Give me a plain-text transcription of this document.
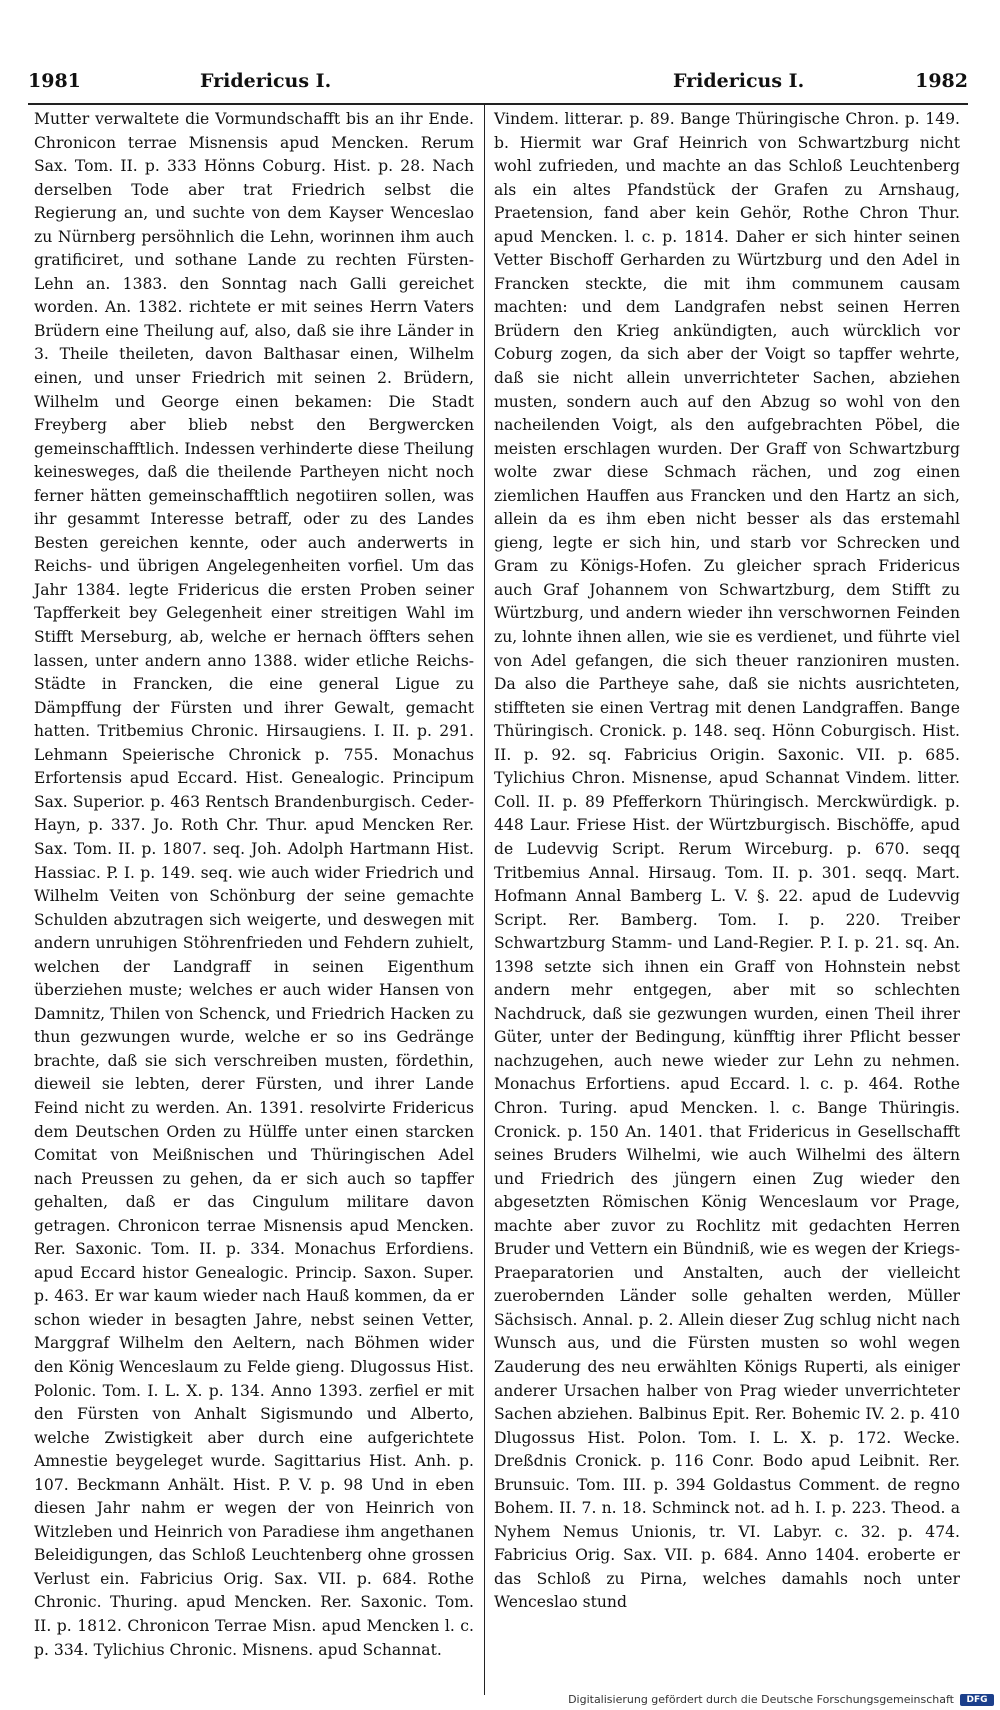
1981	Fridericus I.	Fridericus I.	1982

Mutter verwaltete die Vormundschafft bis an ihr Ende. Chronicon terrae Misnensis apud Mencken. Rerum Sax. Tom. II. p. 333 Hönns Coburg. Hist. p. 28. Nach derselben Tode aber trat Friedrich selbst die Regierung an, und suchte von dem Kayser Wenceslao zu Nürnberg persöhnlich die Lehn, worinnen ihm auch gratificiret, und sothane Lande zu rechten Fürsten-Lehn an. 1383. den Sonntag nach Galli gereichet worden. An. 1382. richtete er mit seines Herrn Vaters Brüdern eine Theilung auf, also, daß sie ihre Länder in 3. Theile theileten, davon Balthasar einen, Wilhelm einen, und unser Friedrich mit seinen 2. Brüdern, Wilhelm und George einen bekamen: Die Stadt Freyberg aber blieb nebst den Bergwercken gemeinschafftlich. Indessen verhinderte diese Theilung keinesweges, daß die theilende Partheyen nicht noch ferner hätten gemeinschafftlich negotiiren sollen, was ihr gesammt Interesse betraff, oder zu des Landes Besten gereichen kennte, oder auch anderwerts in Reichs- und übrigen Angelegenheiten vorfiel. Um das Jahr 1384. legte Fridericus die ersten Proben seiner Tapfferkeit bey Gelegenheit einer streitigen Wahl im Stifft Merseburg, ab, welche er hernach öffters sehen lassen, unter andern anno 1388. wider etliche Reichs-Städte in Francken, die eine general Ligue zu Dämpffung der Fürsten und ihrer Gewalt, gemacht hatten. Tritbemius Chronic. Hirsaugiens. I. II. p. 291. Lehmann Speierische Chronick p. 755. Monachus Erfortensis apud Eccard. Hist. Genealogic. Principum Sax. Superior. p. 463 Rentsch Brandenburgisch. Ceder-Hayn, p. 337. Jo. Roth Chr. Thur. apud Mencken Rer. Sax. Tom. II. p. 1807. seq. Joh. Adolph Hartmann Hist. Hassiac. P. I. p. 149. seq. wie auch wider Friedrich und Wilhelm Veiten von Schönburg der seine gemachte Schulden abzutragen sich weigerte, und deswegen mit andern unruhigen Stöhrenfrieden und Fehdern zuhielt, welchen der Landgraff in seinen Eigenthum überziehen muste; welches er auch wider Hansen von Damnitz, Thilen von Schenck, und Friedrich Hacken zu thun gezwungen wurde, welche er so ins Gedränge brachte, daß sie sich verschreiben musten, fördethin, dieweil sie lebten, derer Fürsten, und ihrer Lande Feind nicht zu werden. An. 1391. resolvirte Fridericus dem Deutschen Orden zu Hülffe unter einen starcken Comitat von Meißnischen und Thüringischen Adel nach Preussen zu gehen, da er sich auch so tapffer gehalten, daß er das Cingulum militare davon getragen. Chronicon terrae Misnensis apud Mencken. Rer. Saxonic. Tom. II. p. 334. Monachus Erfordiens. apud Eccard histor Genealogic. Princip. Saxon. Super. p. 463. Er war kaum wieder nach Hauß kommen, da er schon wieder in besagten Jahre, nebst seinen Vetter, Marggraf Wilhelm den Aeltern, nach Böhmen wider den König Wenceslaum zu Felde gieng. Dlugossus Hist. Polonic. Tom. I. L. X. p. 134. Anno 1393. zerfiel er mit den Fürsten von Anhalt Sigismundo und Alberto, welche Zwistigkeit aber durch eine aufgerichtete Amnestie beygeleget wurde. Sagittarius Hist. Anh. p. 107. Beckmann Anhält. Hist. P. V. p. 98 Und in eben diesen Jahr nahm er wegen der von Heinrich von Witzleben und Heinrich von Paradiese ihm angethanen Beleidigungen, das Schloß Leuchtenberg ohne grossen Verlust ein. Fabricius Orig. Sax. VII. p. 684. Rothe Chronic. Thuring. apud Mencken. Rer. Saxonic. Tom. II. p. 1812. Chronicon Terrae Misn. apud Mencken l. c. p. 334. Tylichius Chronic. Misnens. apud Schannat.

Vindem. litterar. p. 89. Bange Thüringische Chron. p. 149. b. Hiermit war Graf Heinrich von Schwartzburg nicht wohl zufrieden, und machte an das Schloß Leuchtenberg als ein altes Pfandstück der Grafen zu Arnshaug, Praetension, fand aber kein Gehör, Rothe Chron Thur. apud Mencken. l. c. p. 1814. Daher er sich hinter seinen Vetter Bischoff Gerharden zu Würtzburg und den Adel in Francken steckte, die mit ihm communem causam machten: und dem Landgrafen nebst seinen Herren Brüdern den Krieg ankündigten, auch würcklich vor Coburg zogen, da sich aber der Voigt so tapffer wehrte, daß sie nicht allein unverrichteter Sachen, abziehen musten, sondern auch auf den Abzug so wohl von den nacheilenden Voigt, als den aufgebrachten Pöbel, die meisten erschlagen wurden. Der Graff von Schwartzburg wolte zwar diese Schmach rächen, und zog einen ziemlichen Hauffen aus Francken und den Hartz an sich, allein da es ihm eben nicht besser als das erstemahl gieng, legte er sich hin, und starb vor Schrecken und Gram zu Königs-Hofen. Zu gleicher sprach Fridericus auch Graf Johannem von Schwartzburg, dem Stifft zu Würtzburg, und andern wieder ihn verschwornen Feinden zu, lohnte ihnen allen, wie sie es verdienet, und führte viel von Adel gefangen, die sich theuer ranzioniren musten. Da also die Partheye sahe, daß sie nichts ausrichteten, stiffteten sie einen Vertrag mit denen Landgraffen. Bange Thüringisch. Cronick. p. 148. seq. Hönn Coburgisch. Hist. II. p. 92. sq. Fabricius Origin. Saxonic. VII. p. 685. Tylichius Chron. Misnense, apud Schannat Vindem. litter. Coll. II. p. 89 Pfefferkorn Thüringisch. Merckwürdigk. p. 448 Laur. Friese Hist. der Würtzburgisch. Bischöffe, apud de Ludevvig Script. Rerum Wirceburg. p. 670. seqq Tritbemius Annal. Hirsaug. Tom. II. p. 301. seqq. Mart. Hofmann Annal Bamberg L. V. §. 22. apud de Ludevvig Script. Rer. Bamberg. Tom. I. p. 220. Treiber Schwartzburg Stamm- und Land-Regier. P. I. p. 21. sq. An. 1398 setzte sich ihnen ein Graff von Hohnstein nebst andern mehr entgegen, aber mit so schlechten Nachdruck, daß sie gezwungen wurden, einen Theil ihrer Güter, unter der Bedingung, künfftig ihrer Pflicht besser nachzugehen, auch newe wieder zur Lehn zu nehmen. Monachus Erfortiens. apud Eccard. l. c. p. 464. Rothe Chron. Turing. apud Mencken. l. c. Bange Thüringis. Cronick. p. 150 An. 1401. that Fridericus in Gesellschafft seines Bruders Wilhelmi, wie auch Wilhelmi des ältern und Friedrich des jüngern einen Zug wieder den abgesetzten Römischen König Wenceslaum vor Prage, machte aber zuvor zu Rochlitz mit gedachten Herren Bruder und Vettern ein Bündniß, wie es wegen der Kriegs-Praeparatorien und Anstalten, auch der vielleicht zuerobernden Länder solle gehalten werden, Müller Sächsisch. Annal. p. 2. Allein dieser Zug schlug nicht nach Wunsch aus, und die Fürsten musten so wohl wegen Zauderung des neu erwählten Königs Ruperti, als einiger anderer Ursachen halber von Prag wieder unverrichteter Sachen abziehen. Balbinus Epit. Rer. Bohemic IV. 2. p. 410 Dlugossus Hist. Polon. Tom. I. L. X. p. 172. Wecke. Dreßdnis Cronick. p. 116 Conr. Bodo apud Leibnit. Rer. Brunsuic. Tom. III. p. 394 Goldastus Comment. de regno Bohem. II. 7. n. 18. Schminck not. ad h. I. p. 223. Theod. a Nyhem Nemus Unionis, tr. VI. Labyr. c. 32. p. 474. Fabricius Orig. Sax. VII. p. 684. Anno 1404. eroberte er das Schloß zu Pirna, welches damahls noch unter Wenceslao stund

Digitalisierung gefördert durch die Deutsche Forschungsgemeinschaft	DFG
